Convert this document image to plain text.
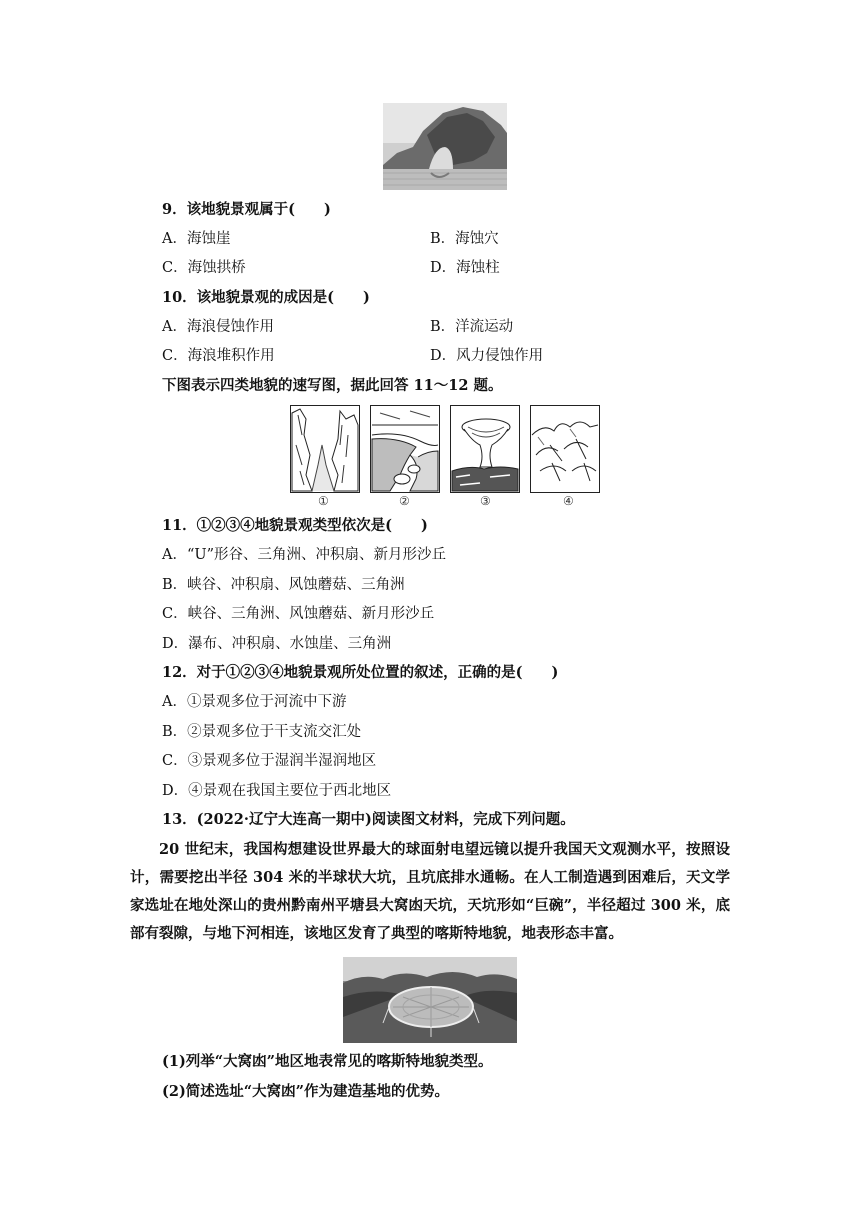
9．该地貌景观属于(　　)
A．海蚀崖	B．海蚀穴
C．海蚀拱桥	D．海蚀柱
10．该地貌景观的成因是(　　)
A．海浪侵蚀作用	B．洋流运动
C．海浪堆积作用	D．风力侵蚀作用
下图表示四类地貌的速写图，据此回答 11～12 题。
①	②	③	④
11．①②③④地貌景观类型依次是(　　)
A．“U”形谷、三角洲、冲积扇、新月形沙丘
B．峡谷、冲积扇、风蚀蘑菇、三角洲
C．峡谷、三角洲、风蚀蘑菇、新月形沙丘
D．瀑布、冲积扇、水蚀崖、三角洲
12．对于①②③④地貌景观所处位置的叙述，正确的是(　　)
A．①景观多位于河流中下游
B．②景观多位于干支流交汇处
C．③景观多位于湿润半湿润地区
D．④景观在我国主要位于西北地区
13．(2022·辽宁大连高一期中)阅读图文材料，完成下列问题。
20 世纪末，我国构想建设世界最大的球面射电望远镜以提升我国天文观测水平，按照设计，需要挖出半径 304 米的半球状大坑，且坑底排水通畅。在人工制造遇到困难后，天文学家选址在地处深山的贵州黔南州平塘县大窝凼天坑，天坑形如“巨碗”，半径超过 300 米，底部有裂隙，与地下河相连，该地区发育了典型的喀斯特地貌，地表形态丰富。
(1)列举“大窝凼”地区地表常见的喀斯特地貌类型。
(2)简述选址“大窝凼”作为建造基地的优势。
